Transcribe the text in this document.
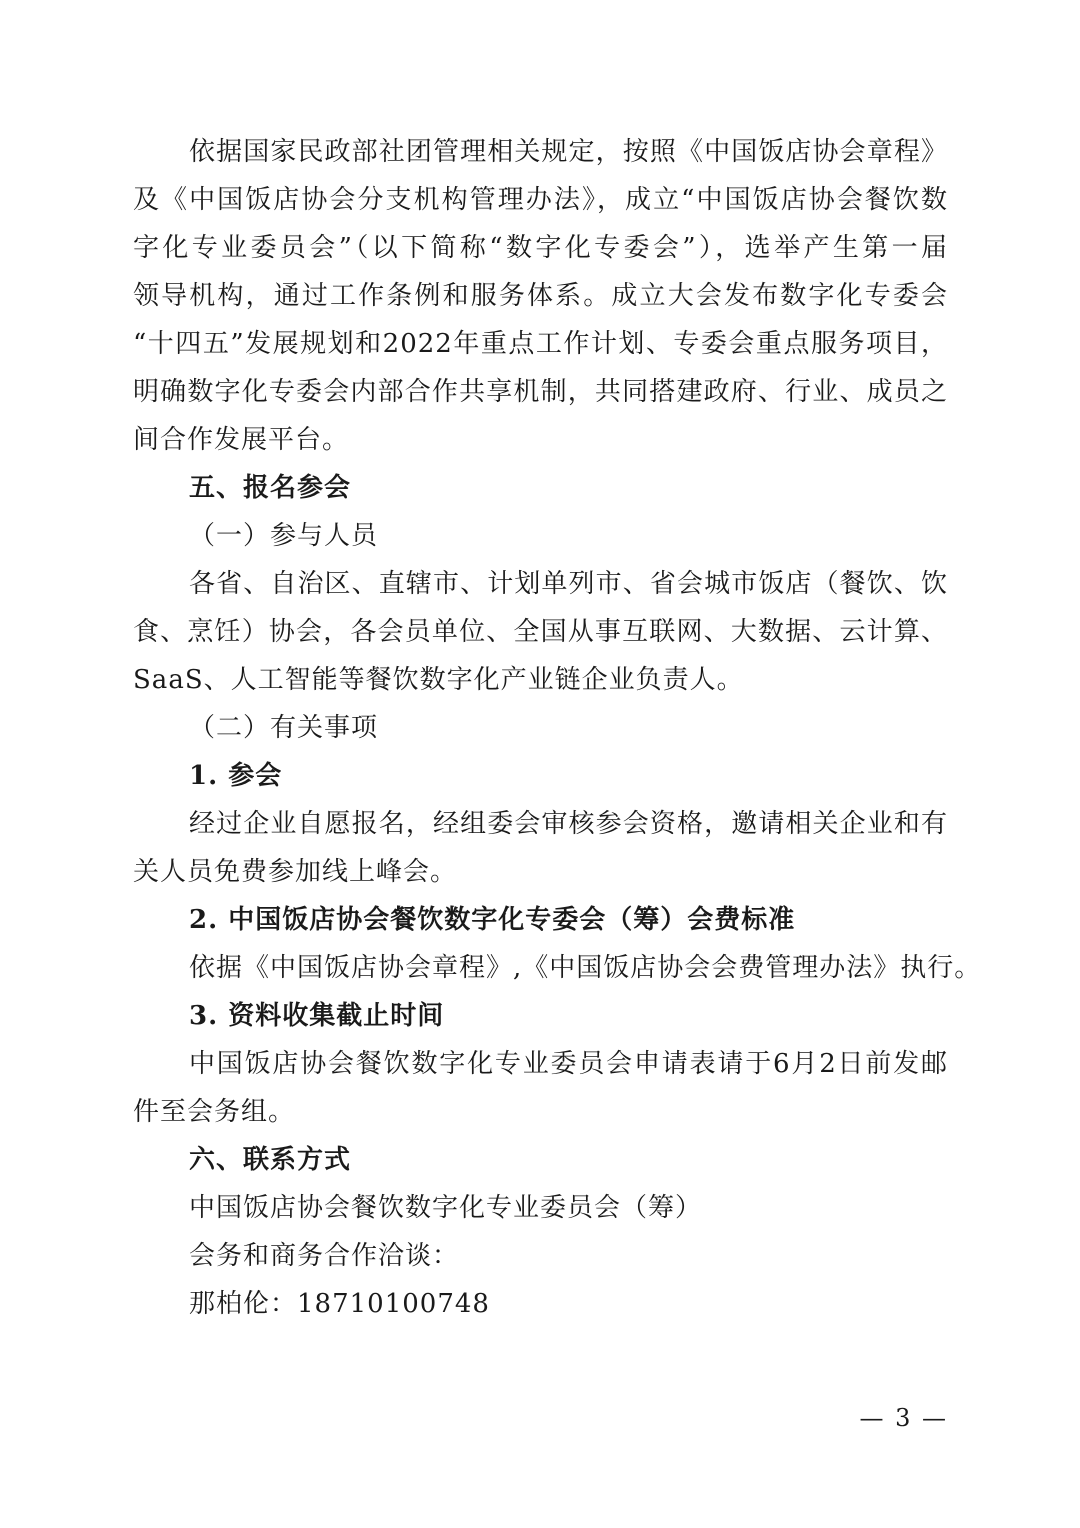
依据国家民政部社团管理相关规定，按照《中国饭店协会章程》
及《中国饭店协会分支机构管理办法》，成立“中国饭店协会餐饮数
字化专业委员会”（以下简称“数字化专委会”），选举产生第一届
领导机构，通过工作条例和服务体系。成立大会发布数字化专委会
“十四五”发展规划和2022年重点工作计划、专委会重点服务项目，
明确数字化专委会内部合作共享机制，共同搭建政府、行业、成员之
间合作发展平台。
五、报名参会
（一）参与人员
各省、自治区、直辖市、计划单列市、省会城市饭店（餐饮、饮
食、烹饪）协会，各会员单位、全国从事互联网、大数据、云计算、
SaaS、人工智能等餐饮数字化产业链企业负责人。
（二）有关事项
1. 参会
经过企业自愿报名，经组委会审核参会资格，邀请相关企业和有
关人员免费参加线上峰会。
2. 中国饭店协会餐饮数字化专委会（筹）会费标准
依据《中国饭店协会章程》,《中国饭店协会会费管理办法》执行。
3. 资料收集截止时间
中国饭店协会餐饮数字化专业委员会申请表请于6月2日前发邮
件至会务组。
六、联系方式
中国饭店协会餐饮数字化专业委员会（筹）
会务和商务合作洽谈：
那柏伦：18710100748
— 3 —
